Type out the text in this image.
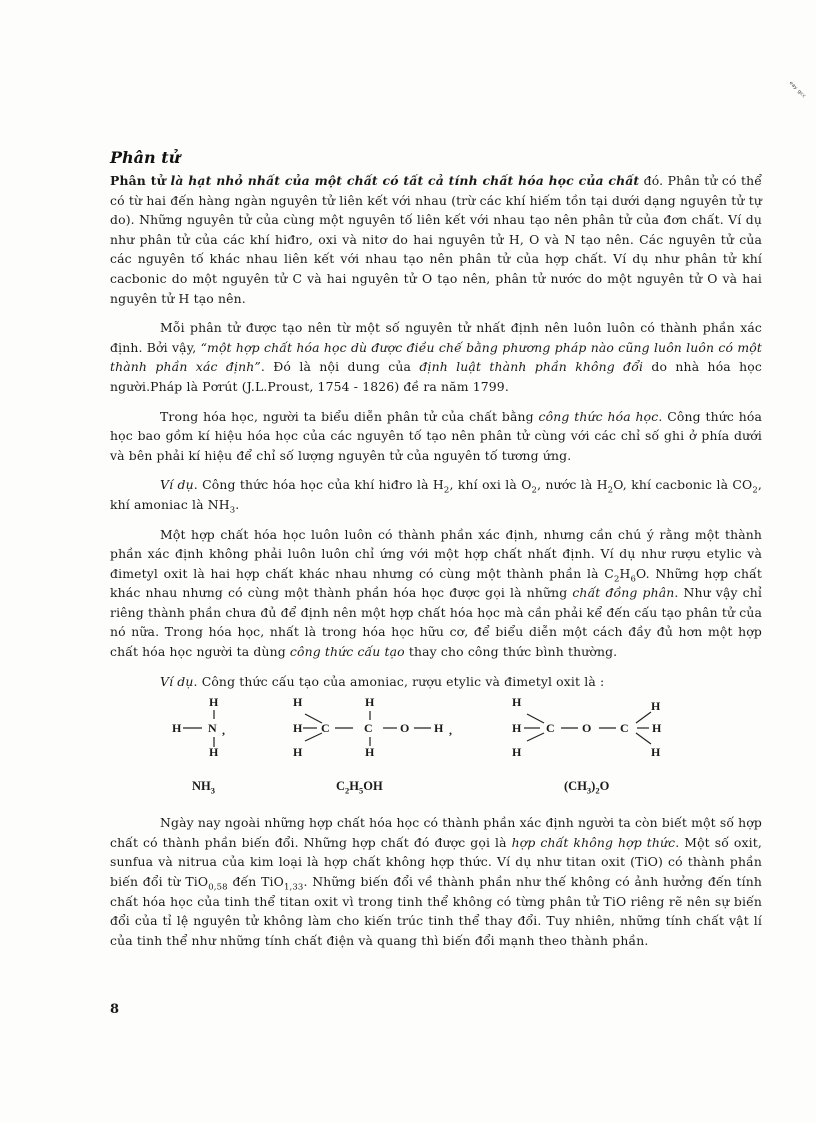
ᵉᵃʸ ᵍᶜᶜ
Phân tử

Phân tử là hạt nhỏ nhất của một chất có tất cả tính chất hóa học của chất đó. Phân tử có thể có từ hai đến hàng ngàn nguyên tử liên kết với nhau (trừ các khí hiếm tồn tại dưới dạng nguyên tử tự do). Những nguyên tử của cùng một nguyên tố liên kết với nhau tạo nên phân tử của đơn chất. Ví dụ như phân tử của các khí hiđro, oxi và nitơ do hai nguyên tử H, O và N tạo nên. Các nguyên tử của các nguyên tố khác nhau liên kết với nhau tạo nên phân tử của hợp chất. Ví dụ như phân tử khí cacbonic do một nguyên tử C và hai nguyên tử O tạo nên, phân tử nước do một nguyên tử O và hai nguyên tử H tạo nên.

Mỗi phân tử được tạo nên từ một số nguyên tử nhất định nên luôn luôn có thành phần xác định. Bởi vậy, “một hợp chất hóa học dù được điều chế bằng phương pháp nào cũng luôn luôn có một thành phần xác định”. Đó là nội dung của định luật thành phần không đổi do nhà hóa học người.Pháp là Pơrút (J.L.Proust, 1754 - 1826) đề ra năm 1799.

Trong hóa học, người ta biểu diễn phân tử của chất bằng công thức hóa học. Công thức hóa học bao gồm kí hiệu hóa học của các nguyên tố tạo nên phân tử cùng với các chỉ số ghi ở phía dưới và bên phải kí hiệu để chỉ số lượng nguyên tử của nguyên tố tương ứng.

Ví dụ. Công thức hóa học của khí hiđro là $H_2$, khí oxi là $O_2$, nước là $H_2O$, khí cacbonic là $CO_2$, khí amoniac là $NH_3$.

Một hợp chất hóa học luôn luôn có thành phần xác định, nhưng cần chú ý rằng một thành phần xác định không phải luôn luôn chỉ ứng với một hợp chất nhất định. Ví dụ như rượu etylic và đimetyl oxit là hai hợp chất khác nhau nhưng có cùng một thành phần là $C_2H_6O$. Những hợp chất khác nhau nhưng có cùng một thành phần hóa học được gọi là những chất đồng phân. Như vậy chỉ riêng thành phần chưa đủ để định nên một hợp chất hóa học mà cần phải kể đến cấu tạo phân tử của nó nữa. Trong hóa học, nhất là trong hóa học hữu cơ, để biểu diễn một cách đầy đủ hơn một hợp chất hóa học người ta dùng công thức cấu tạo thay cho công thức bình thường.

Ví dụ. Công thức cấu tạo của amoniac, rượu etylic và đimetyl oxit là :

H
H N ,
H
$NH_3$
H
H
H
C
H
C
H
O H ,
$C_2H_5OH$
H
H
H
C O C
H
H
H
$(CH_3)_2O$

Ngày nay ngoài những hợp chất hóa học có thành phần xác định người ta còn biết một số hợp chất có thành phần biến đổi. Những hợp chất đó được gọi là hợp chất không hợp thức. Một số oxit, sunfua và nitrua của kim loại là hợp chất không hợp thức. Ví dụ như titan oxit (TiO) có thành phần biến đổi từ TiO$_{0,58}$ đến TiO$_{1,33}$. Những biến đổi về thành phần như thế không có ảnh hưởng đến tính chất hóa học của tinh thể titan oxit vì trong tinh thể không có từng phân tử TiO riêng rẽ nên sự biến đổi của tỉ lệ nguyên tử không làm cho kiến trúc tinh thể thay đổi. Tuy nhiên, những tính chất vật lí của tinh thể như những tính chất điện và quang thì biến đổi mạnh theo thành phần.

8
